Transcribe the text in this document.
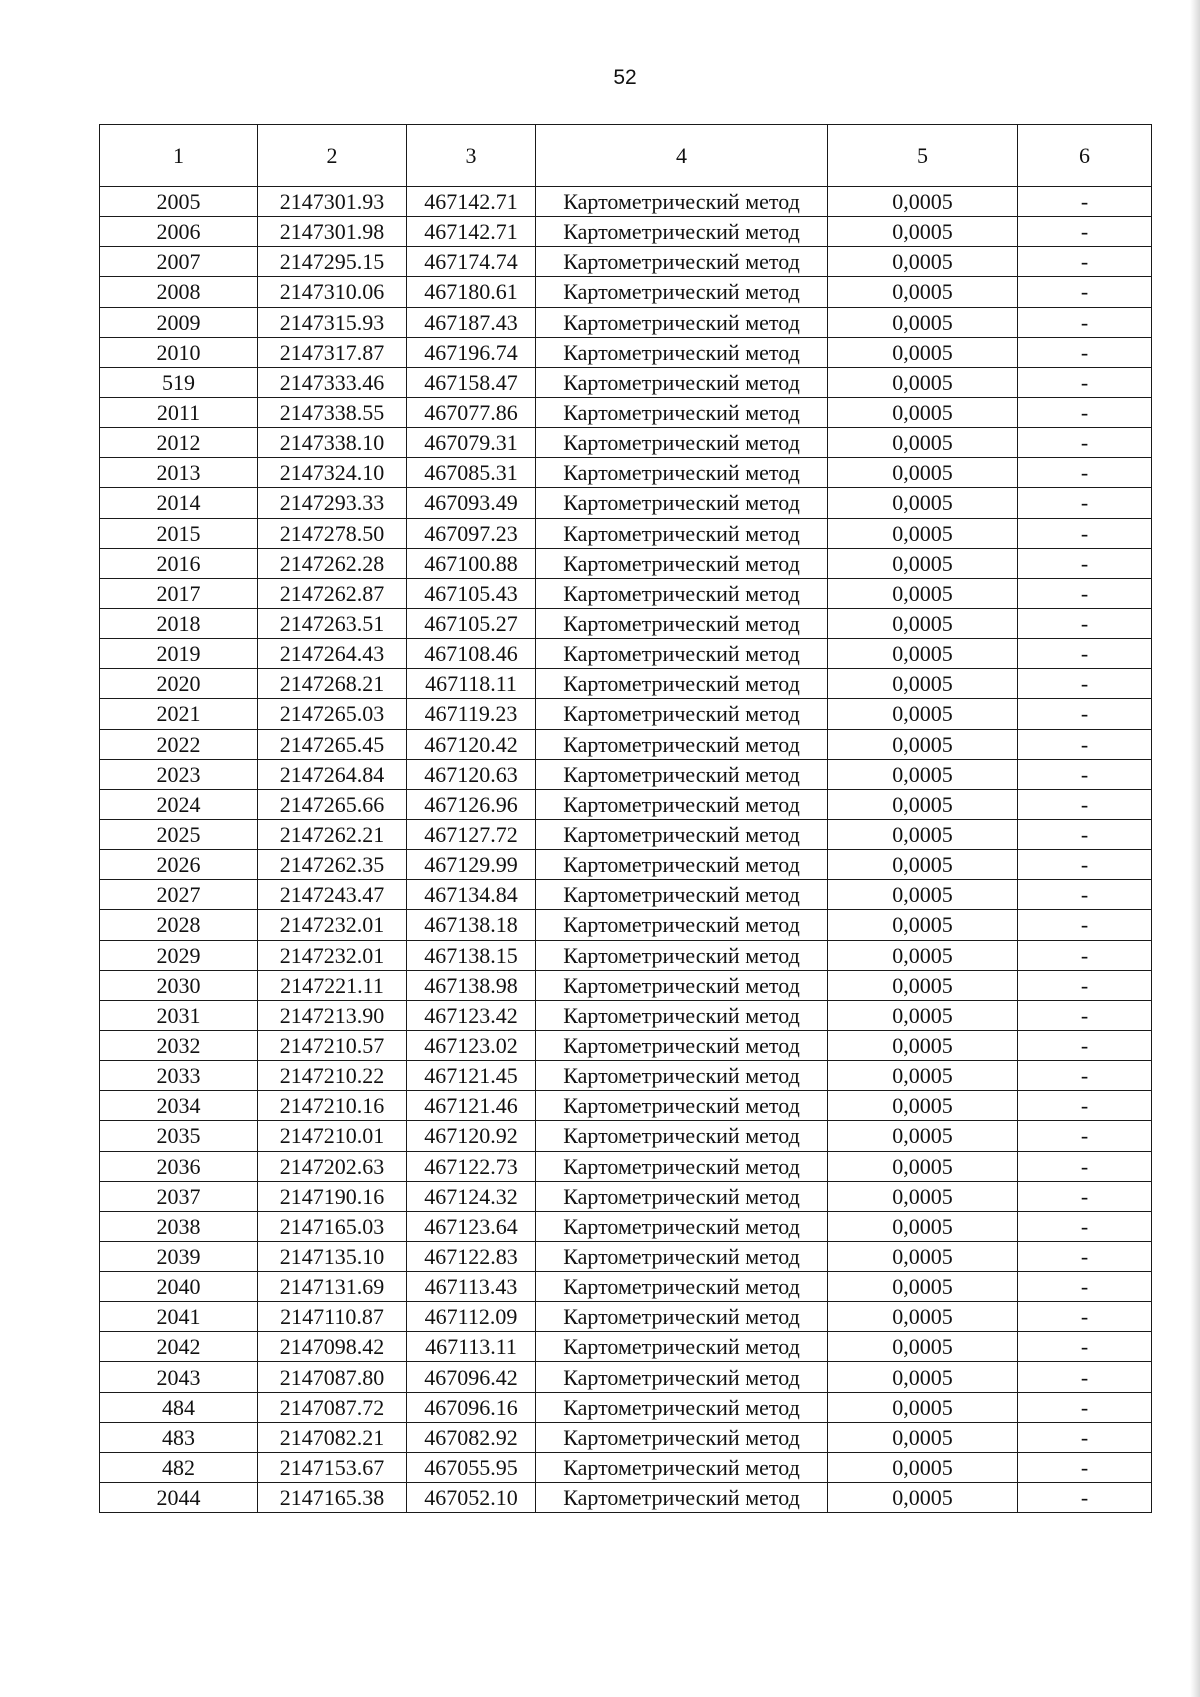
52
1	2	3	4	5	6
2005	2147301.93	467142.71	Картометрический метод	0,0005	-
2006	2147301.98	467142.71	Картометрический метод	0,0005	-
2007	2147295.15	467174.74	Картометрический метод	0,0005	-
2008	2147310.06	467180.61	Картометрический метод	0,0005	-
2009	2147315.93	467187.43	Картометрический метод	0,0005	-
2010	2147317.87	467196.74	Картометрический метод	0,0005	-
519	2147333.46	467158.47	Картометрический метод	0,0005	-
2011	2147338.55	467077.86	Картометрический метод	0,0005	-
2012	2147338.10	467079.31	Картометрический метод	0,0005	-
2013	2147324.10	467085.31	Картометрический метод	0,0005	-
2014	2147293.33	467093.49	Картометрический метод	0,0005	-
2015	2147278.50	467097.23	Картометрический метод	0,0005	-
2016	2147262.28	467100.88	Картометрический метод	0,0005	-
2017	2147262.87	467105.43	Картометрический метод	0,0005	-
2018	2147263.51	467105.27	Картометрический метод	0,0005	-
2019	2147264.43	467108.46	Картометрический метод	0,0005	-
2020	2147268.21	467118.11	Картометрический метод	0,0005	-
2021	2147265.03	467119.23	Картометрический метод	0,0005	-
2022	2147265.45	467120.42	Картометрический метод	0,0005	-
2023	2147264.84	467120.63	Картометрический метод	0,0005	-
2024	2147265.66	467126.96	Картометрический метод	0,0005	-
2025	2147262.21	467127.72	Картометрический метод	0,0005	-
2026	2147262.35	467129.99	Картометрический метод	0,0005	-
2027	2147243.47	467134.84	Картометрический метод	0,0005	-
2028	2147232.01	467138.18	Картометрический метод	0,0005	-
2029	2147232.01	467138.15	Картометрический метод	0,0005	-
2030	2147221.11	467138.98	Картометрический метод	0,0005	-
2031	2147213.90	467123.42	Картометрический метод	0,0005	-
2032	2147210.57	467123.02	Картометрический метод	0,0005	-
2033	2147210.22	467121.45	Картометрический метод	0,0005	-
2034	2147210.16	467121.46	Картометрический метод	0,0005	-
2035	2147210.01	467120.92	Картометрический метод	0,0005	-
2036	2147202.63	467122.73	Картометрический метод	0,0005	-
2037	2147190.16	467124.32	Картометрический метод	0,0005	-
2038	2147165.03	467123.64	Картометрический метод	0,0005	-
2039	2147135.10	467122.83	Картометрический метод	0,0005	-
2040	2147131.69	467113.43	Картометрический метод	0,0005	-
2041	2147110.87	467112.09	Картометрический метод	0,0005	-
2042	2147098.42	467113.11	Картометрический метод	0,0005	-
2043	2147087.80	467096.42	Картометрический метод	0,0005	-
484	2147087.72	467096.16	Картометрический метод	0,0005	-
483	2147082.21	467082.92	Картометрический метод	0,0005	-
482	2147153.67	467055.95	Картометрический метод	0,0005	-
2044	2147165.38	467052.10	Картометрический метод	0,0005	-
